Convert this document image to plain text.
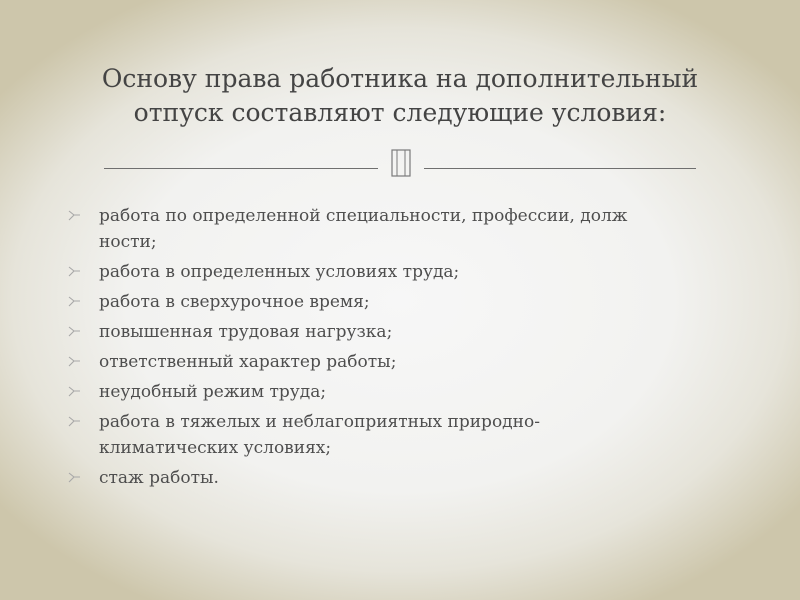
Основу права работника на дополнительный
отпуск составляют следующие условия:
работа по определенной специальности, профессии, долж
ности;
работа в определенных условиях труда;
работа в сверхурочное время;
повышенная трудовая нагрузка;
ответственный характер работы;
неудобный режим труда;
работа в тяжелых и неблагоприятных природно-
климатических условиях;
стаж работы.
